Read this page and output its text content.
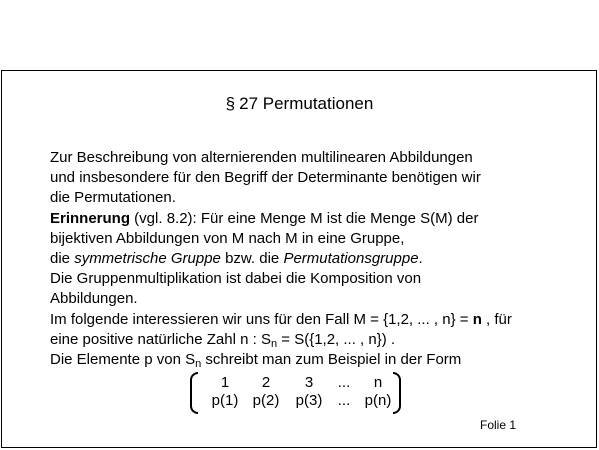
§ 27 Permutationen
Zur Beschreibung von alternierenden multilinearen Abbildungen
und insbesondere für den Begriff der Determinante benötigen wir
die Permutationen.
Erinnerung (vgl. 8.2): Für eine Menge M ist die Menge S(M) der
bijektiven Abbildungen von M nach M in eine Gruppe,
die symmetrische Gruppe bzw. die Permutationsgruppe.
Die Gruppenmultiplikation ist dabei die Komposition von
Abbildungen.
Im folgende interessieren wir uns für den Fall M = {1,2, ... , n} = n , für
eine positive natürliche Zahl n : $S_n = S(\{1,2$, ... , n}) .
Die Elemente p von $S_n$ schreibt man zum Beispiel in der Form
1	2	3	...	n
p(1) p(2)	p(3)	... p(n)
Folie 1
